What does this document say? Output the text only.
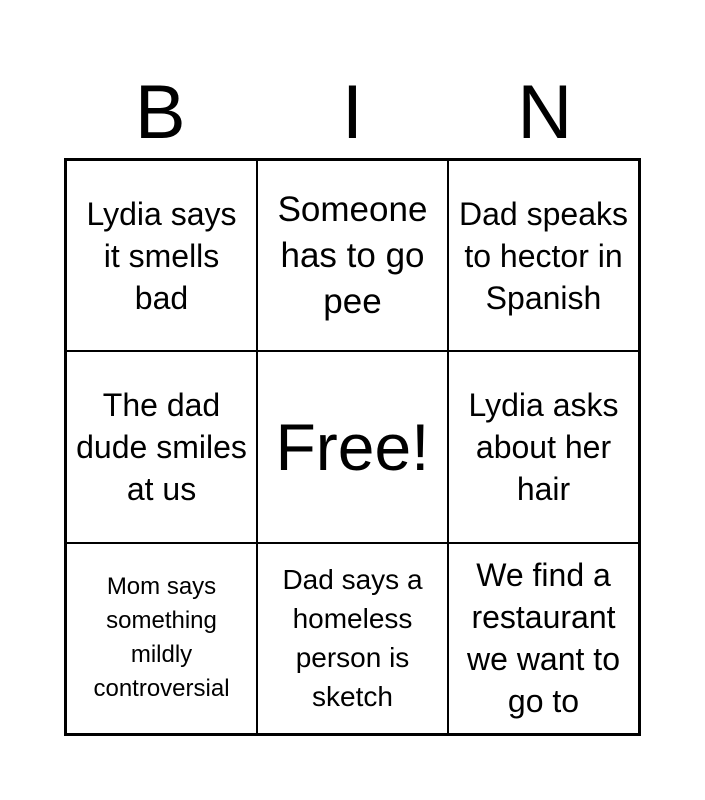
B	I	N
Lydia says it smells bad
Someone has to go pee
Dad speaks to hector in Spanish
The dad dude smiles at us
Free!
Lydia asks about her hair
Mom says something mildly controversial
Dad says a homeless person is sketch
We find a restaurant we want to go to
